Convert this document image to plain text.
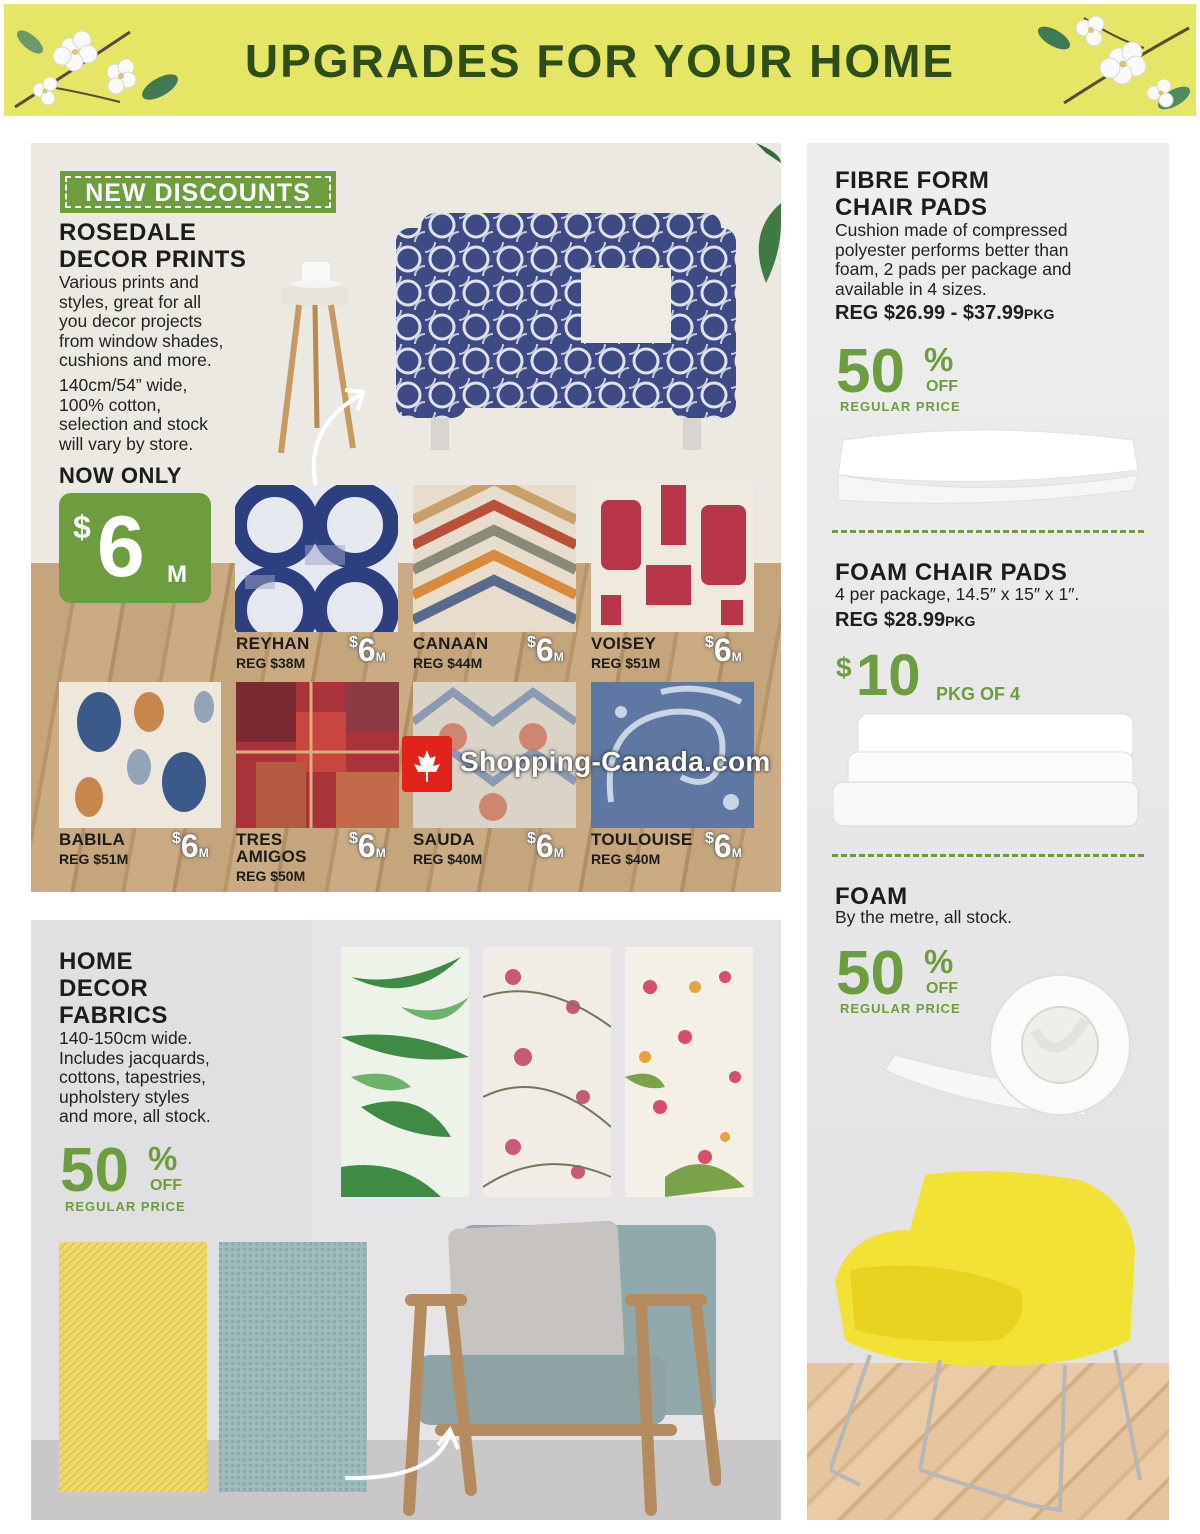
UPGRADES FOR YOUR HOME
NEW DISCOUNTS
ROSEDALE
DECOR PRINTS
Various prints and
styles, great for all
you decor projects
from window shades,
cushions and more.
140cm/54” wide,
100% cotton,
selection and stock
will vary by store.
NOW ONLY
$ 6 M
REYHAN
REG $38M
$6M
CANAAN
REG $44M
$6M
VOISEY
REG $51M
$6M
BABILA
REG $51M
$6M
TRES AMIGOS
REG $50M
$6M
SAUDA
REG $40M
$6M
TOULOUISE
REG $40M
$6M
HOME
DECOR
FABRICS
140-150cm wide.
Includes jacquards,
cottons, tapestries,
upholstery styles
and more, all stock.
50 %
OFF
REGULAR PRICE
FIBRE FORM
CHAIR PADS
Cushion made of compressed
polyester performs better than
foam, 2 pads per package and
available in 4 sizes.
REG $26.99 - $37.99PKG
50 %
OFF
REGULAR PRICE
FOAM CHAIR PADS
4 per package, 14.5″ x 15″ x 1″.
REG $28.99PKG
$ 10 PKG OF 4
FOAM
By the metre, all stock.
50 %
OFF
REGULAR PRICE
Shopping-Canada.com
